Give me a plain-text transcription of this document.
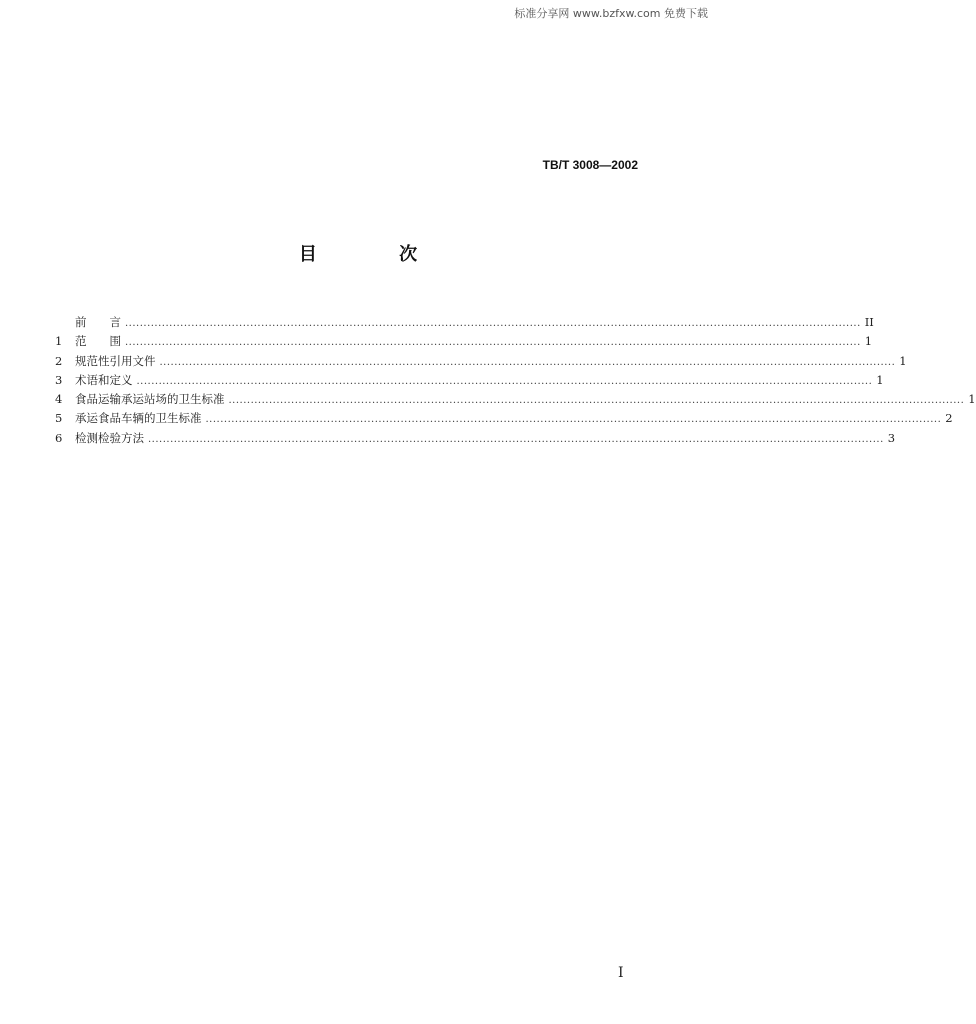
标准分享网 www.bzfxw.com 免费下载
TB/T 3008—2002
目 次
前　　言 ........................................................................................................................................................................................................ II
1	范　　围 ........................................................................................................................................................................................................ 1
2	规范性引用文件 ........................................................................................................................................................................................................ 1
3	术语和定义 ........................................................................................................................................................................................................ 1
4	食品运输承运站场的卫生标准 ........................................................................................................................................................................................................ 1
5	承运食品车辆的卫生标准 ........................................................................................................................................................................................................ 2
6	检测检验方法 ........................................................................................................................................................................................................ 3
I
